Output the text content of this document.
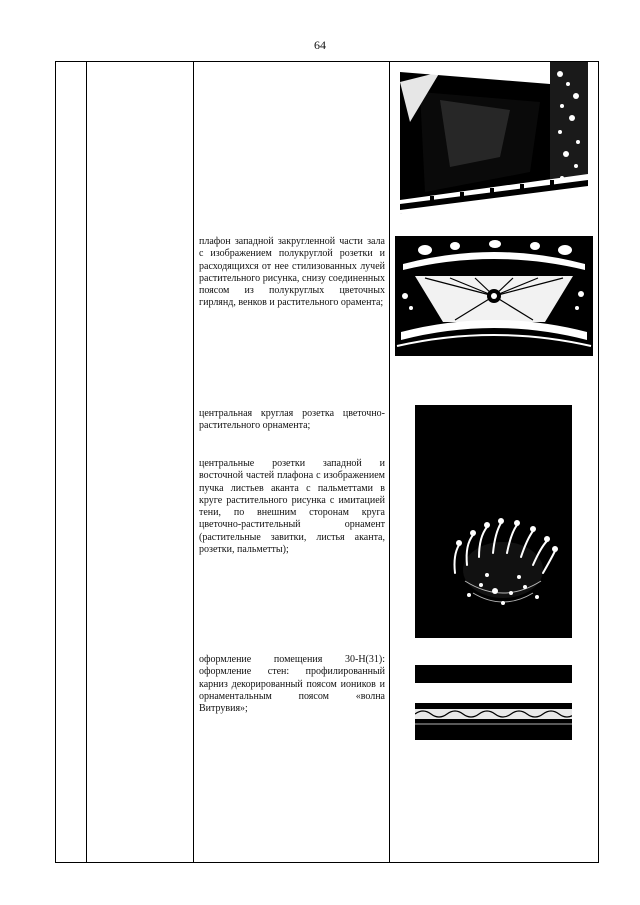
64
плафон западной закругленной части зала с изображением полукруглой розетки и расходящихся от нее стилизованных лучей растительного рисунка, снизу соединенных поясом из полукруглых цветочных гирлянд, венков и растительного орамента;
центральная круглая розетка цветочно-растительного орнамента;
центральные розетки западной и восточной частей плафона с изображением пучка листьев аканта с пальметтами в круге растительного рисунка с имитацией тени, по внешним сторонам круга цветочно-растительный орнамент (растительные завитки, листья аканта, розетки, пальметты);
оформление помещения 30-Н(31): оформление стен: профилированный карниз декорированный поясом иоников и орнаментальным поясом «волна Витрувия»;
